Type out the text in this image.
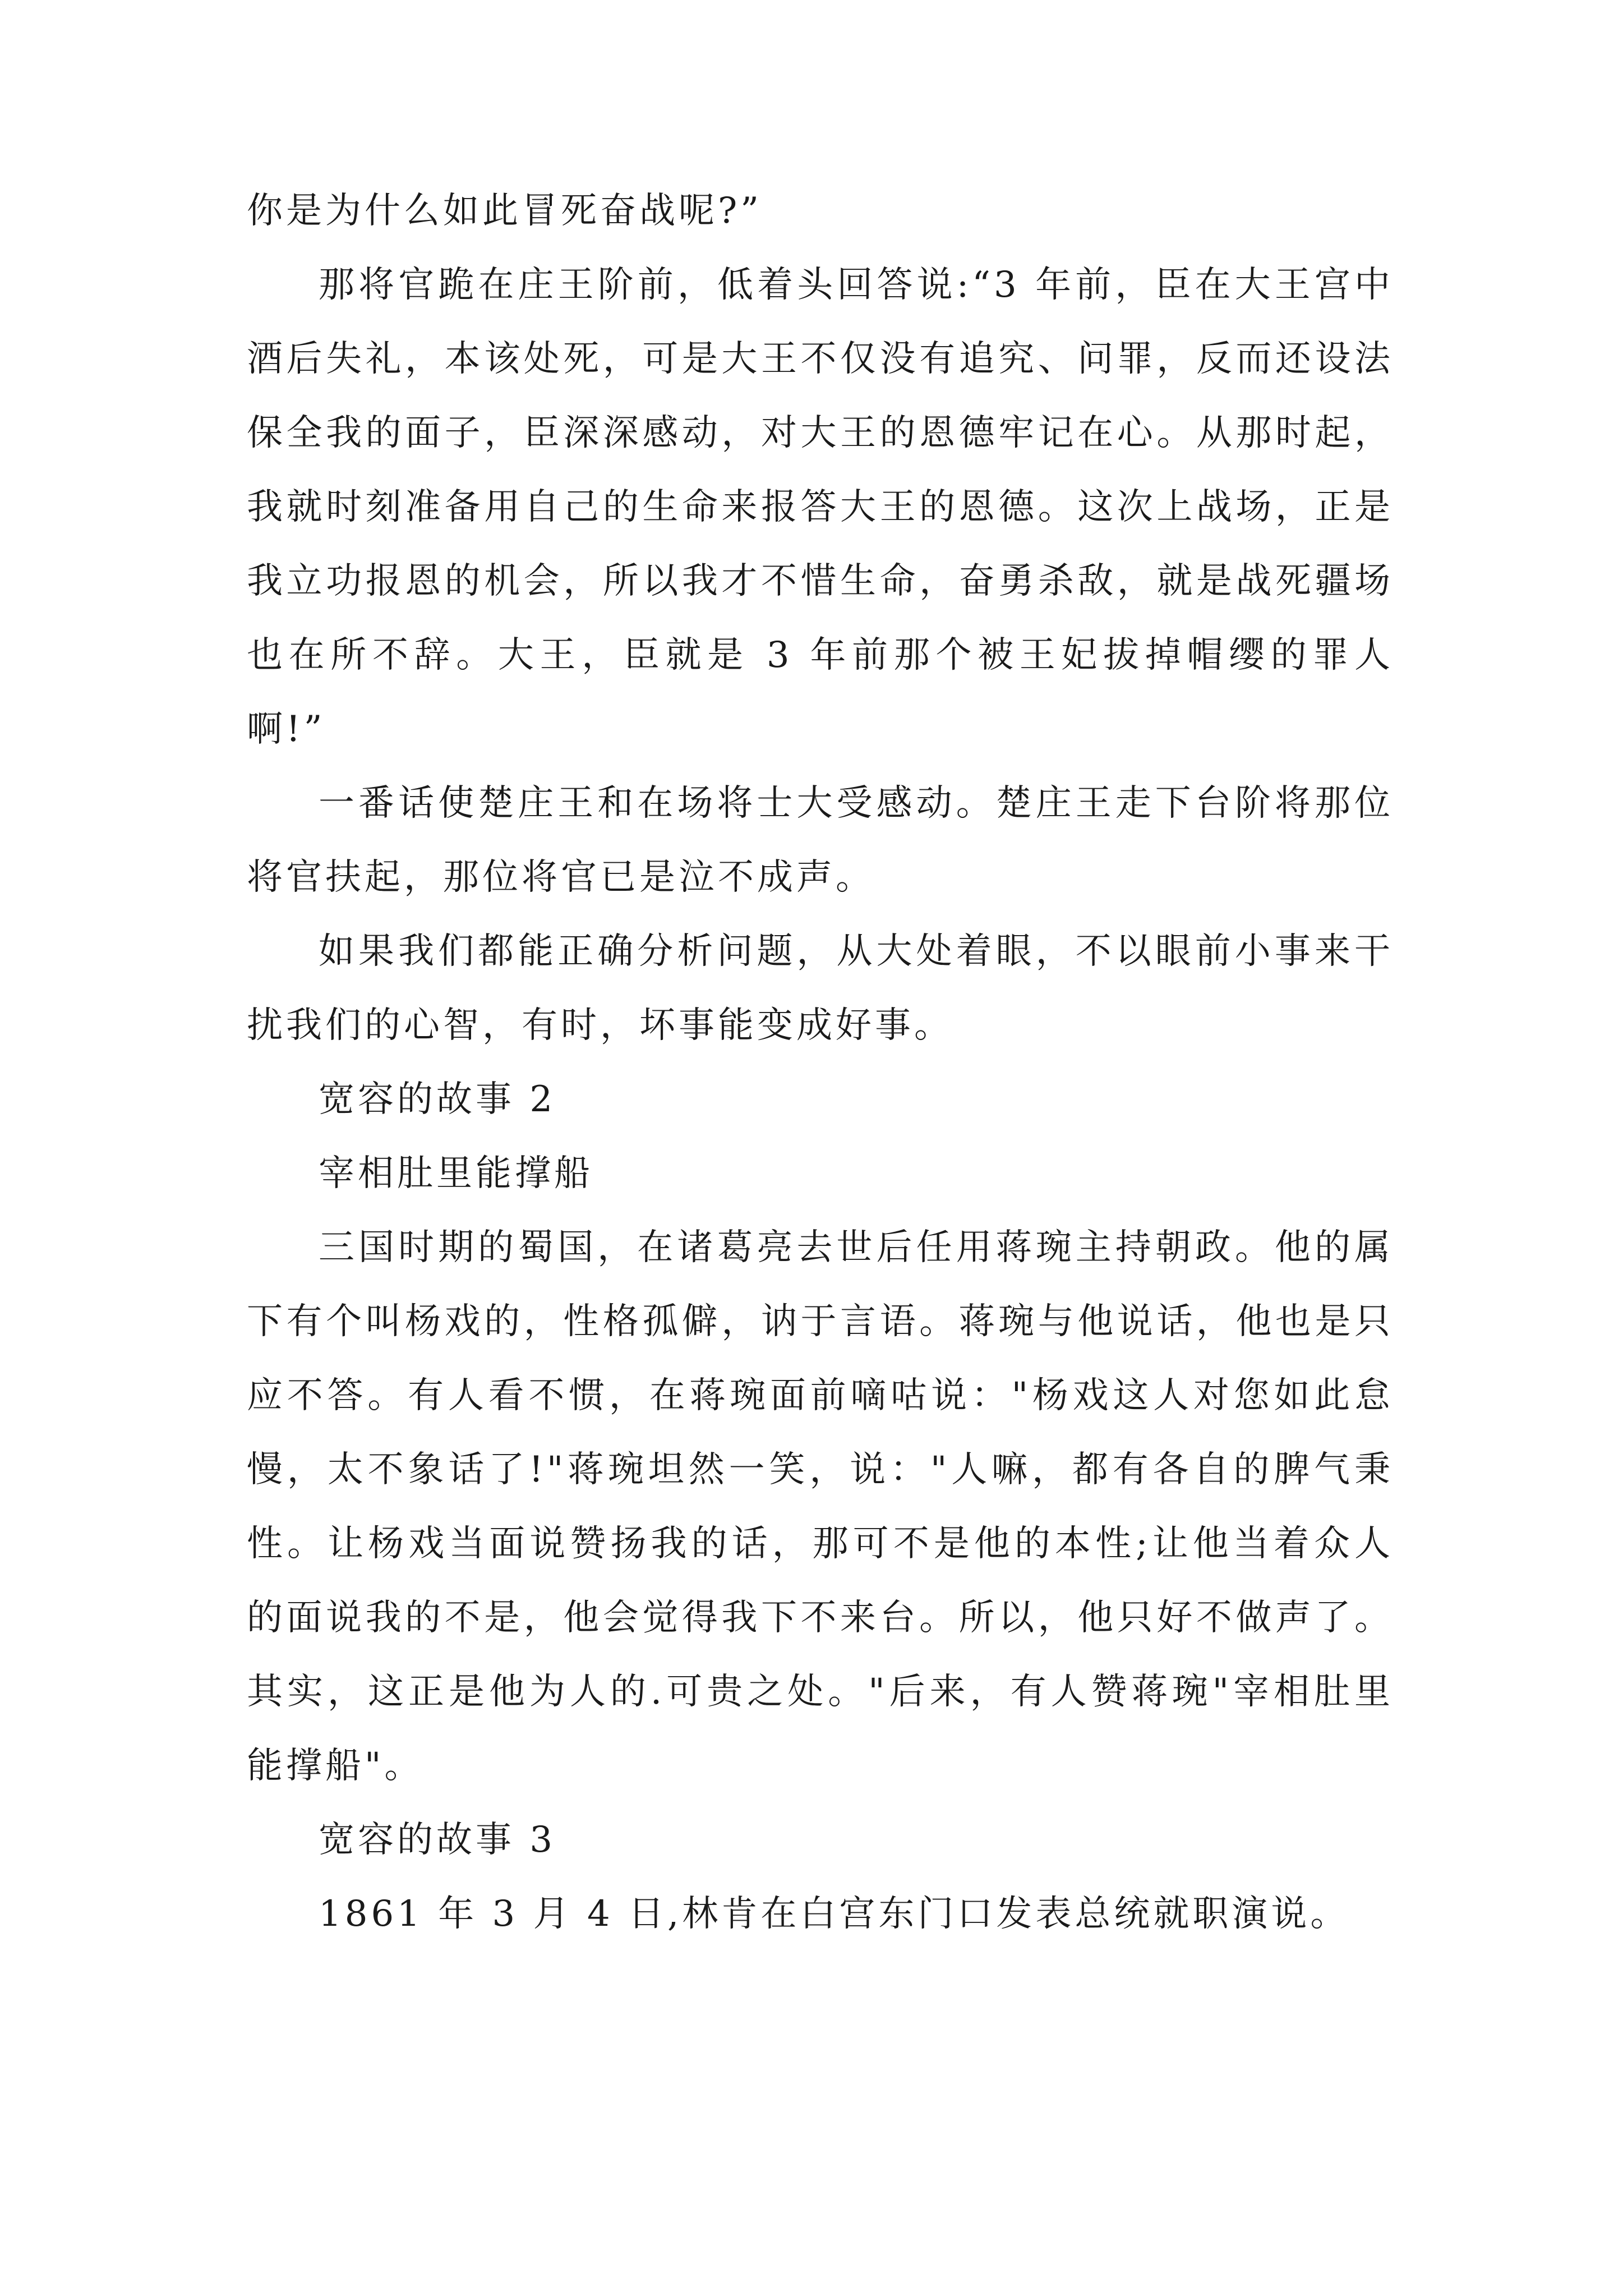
你是为什么如此冒死奋战呢?”

那将官跪在庄王阶前，低着头回答说:“3 年前，臣在大王宫中酒后失礼，本该处死，可是大王不仅没有追究、问罪，反而还设法保全我的面子，臣深深感动，对大王的恩德牢记在心。从那时起，我就时刻准备用自己的生命来报答大王的恩德。这次上战场，正是我立功报恩的机会，所以我才不惜生命，奋勇杀敌，就是战死疆场也在所不辞。大王，臣就是 3 年前那个被王妃拔掉帽缨的罪人啊!”

一番话使楚庄王和在场将士大受感动。楚庄王走下台阶将那位将官扶起，那位将官已是泣不成声。

如果我们都能正确分析问题，从大处着眼，不以眼前小事来干扰我们的心智，有时，坏事能变成好事。

宽容的故事 2

宰相肚里能撑船

三国时期的蜀国，在诸葛亮去世后任用蒋琬主持朝政。他的属下有个叫杨戏的，性格孤僻，讷于言语。蒋琬与他说话，他也是只应不答。有人看不惯，在蒋琬面前嘀咕说："杨戏这人对您如此怠慢，太不象话了!"蒋琬坦然一笑，说："人嘛，都有各自的脾气秉性。让杨戏当面说赞扬我的话，那可不是他的本性;让他当着众人的面说我的不是，他会觉得我下不来台。所以，他只好不做声了。其实，这正是他为人的.可贵之处。"后来，有人赞蒋琬"宰相肚里能撑船"。

宽容的故事 3

1861 年 3 月 4 日,林肯在白宫东门口发表总统就职演说。
